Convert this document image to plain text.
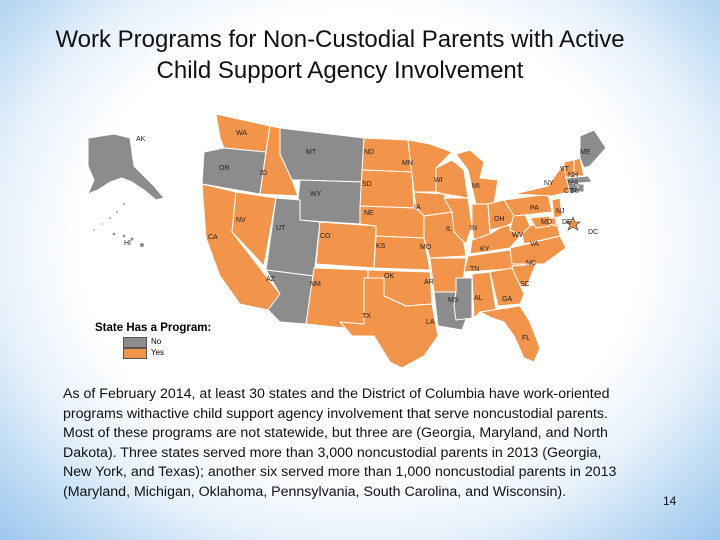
Work Programs for Non-Custodial Parents with Active Child Support Agency Involvement
AK
HI
WA
OR
CA
ID
NV
MT
WY
UT
AZ
CO
NM
ND
SD
NE
KS
OK
TX
MN
IA
MO
AR
LA
WI
IL
MS
MI
IN
KY
TN
AL
OH
WV
GA
FL
SC
NC
VA
PA
NY
VT
NH
ME
MA
CT
RI
NJ
DE
MD
DC
State Has a Program:
No
Yes
As of February 2014, at least 30 states and the District of Columbia have work-oriented programs withactive child support agency involvement that serve noncustodial parents. Most of these programs are not statewide, but three are (Georgia, Maryland, and North Dakota). Three states served more than 3,000 noncustodial parents in 2013 (Georgia, New York, and Texas); another six served more than 1,000 noncustodial parents in 2013 (Maryland, Michigan, Oklahoma, Pennsylvania, South Carolina, and Wisconsin).
14
